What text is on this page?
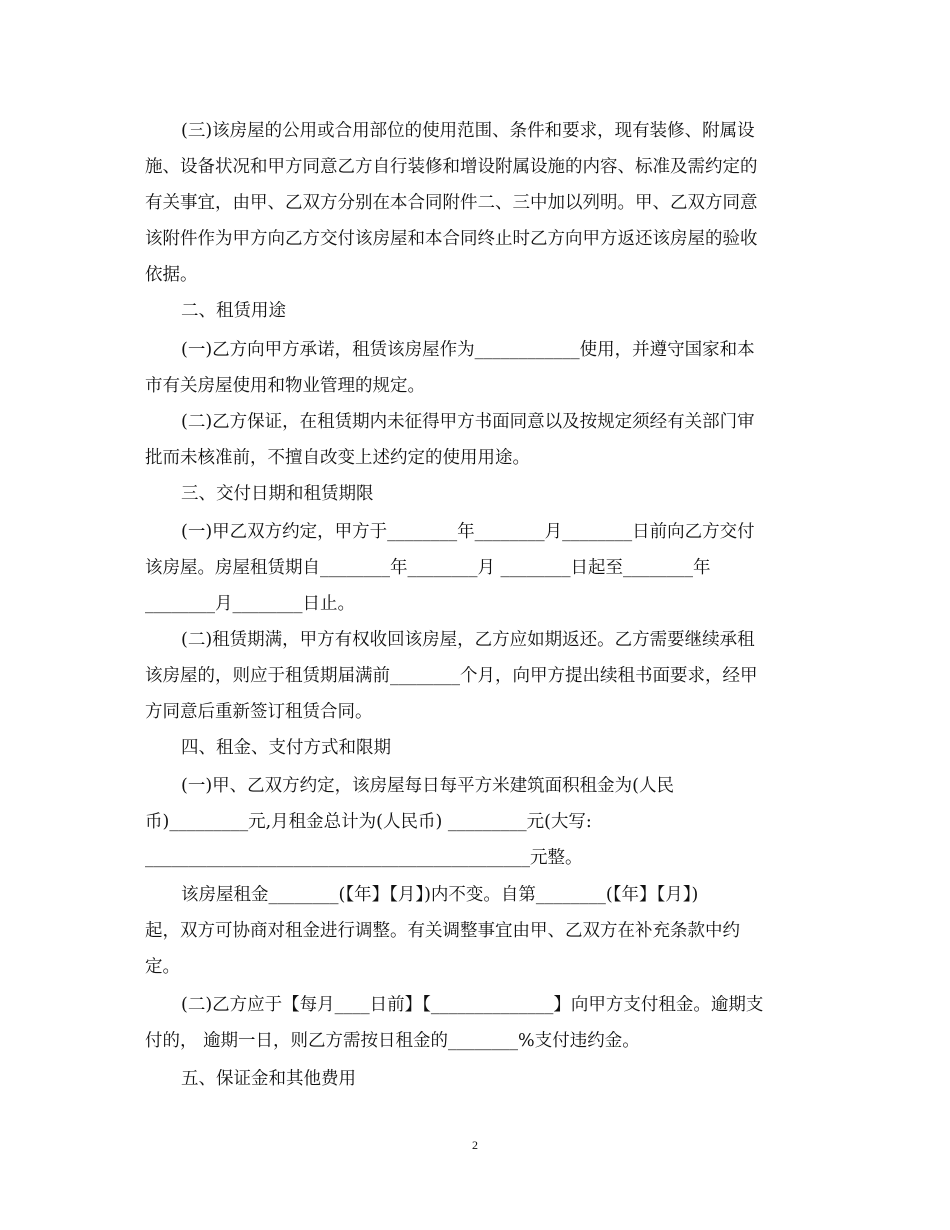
(三)该房屋的公用或合用部位的使用范围、条件和要求，现有装修、附属设
施、设备状况和甲方同意乙方自行装修和增设附属设施的内容、标准及需约定的
有关事宜，由甲、乙双方分别在本合同附件二、三中加以列明。甲、乙双方同意
该附件作为甲方向乙方交付该房屋和本合同终止时乙方向甲方返还该房屋的验收
依据。
二、租赁用途
(一)乙方向甲方承诺，租赁该房屋作为____________使用，并遵守国家和本
市有关房屋使用和物业管理的规定。
(二)乙方保证，在租赁期内未征得甲方书面同意以及按规定须经有关部门审
批而未核准前，不擅自改变上述约定的使用用途。
三、交付日期和租赁期限
(一)甲乙双方约定，甲方于________年________月________日前向乙方交付
该房屋。房屋租赁期自________年________月 ________日起至________年
________月________日止。
(二)租赁期满，甲方有权收回该房屋，乙方应如期返还。乙方需要继续承租
该房屋的，则应于租赁期届满前________个月，向甲方提出续租书面要求，经甲
方同意后重新签订租赁合同。
四、租金、支付方式和限期
(一)甲、乙双方约定，该房屋每日每平方米建筑面积租金为(人民
币)_________元,月租金总计为(人民币) _________元(大写:
____________________________________________元整。
该房屋租金________(【年】【月】)内不变。自第________(【年】【月】)
起，双方可协商对租金进行调整。有关调整事宜由甲、乙双方在补充条款中约
定。
(二)乙方应于【每月____日前】【______________】向甲方支付租金。逾期支
付的， 逾期一日，则乙方需按日租金的________%支付违约金。
五、保证金和其他费用
2
